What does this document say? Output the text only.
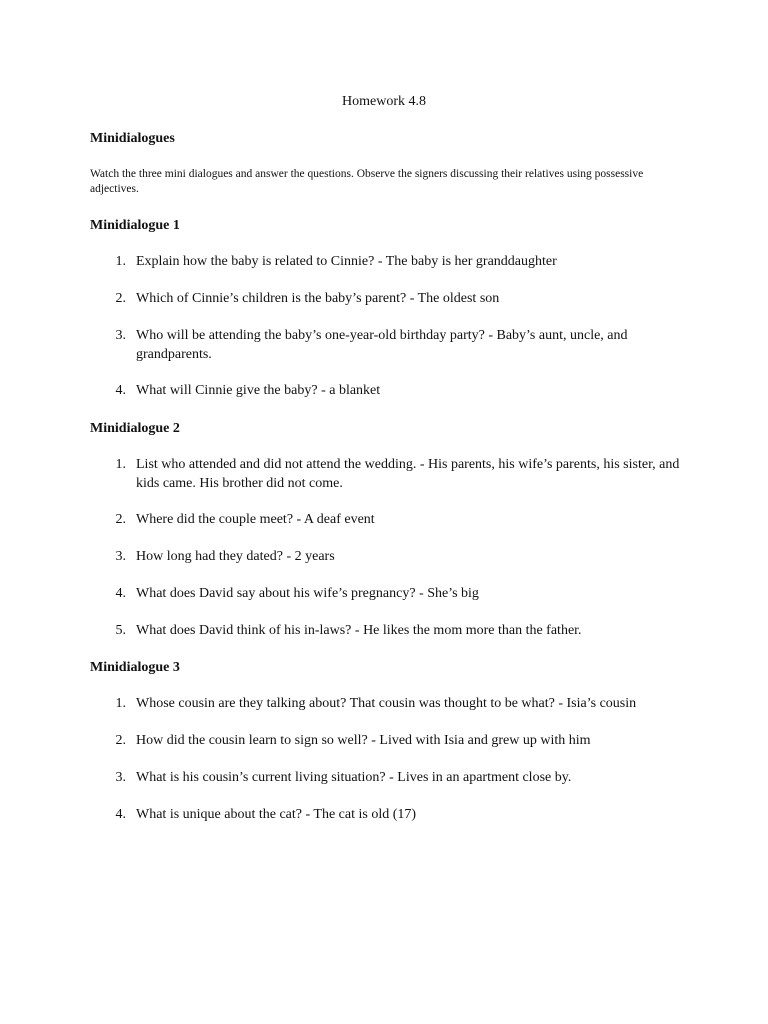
Homework 4.8
Minidialogues
Watch the three mini dialogues and answer the questions. Observe the signers discussing their relatives using possessive adjectives.
Minidialogue 1
1. Explain how the baby is related to Cinnie? - The baby is her granddaughter
2. Which of Cinnie’s children is the baby’s parent? - The oldest son
3. Who will be attending the baby’s one-year-old birthday party? - Baby’s aunt, uncle, and grandparents.
4. What will Cinnie give the baby? - a blanket
Minidialogue 2
1. List who attended and did not attend the wedding. - His parents, his wife’s parents, his sister, and kids came. His brother did not come.
2. Where did the couple meet? - A deaf event
3. How long had they dated? - 2 years
4. What does David say about his wife’s pregnancy? - She’s big
5. What does David think of his in-laws? - He likes the mom more than the father.
Minidialogue 3
1. Whose cousin are they talking about? That cousin was thought to be what? - Isia’s cousin
2. How did the cousin learn to sign so well? - Lived with Isia and grew up with him
3. What is his cousin’s current living situation? - Lives in an apartment close by.
4. What is unique about the cat? - The cat is old (17)
